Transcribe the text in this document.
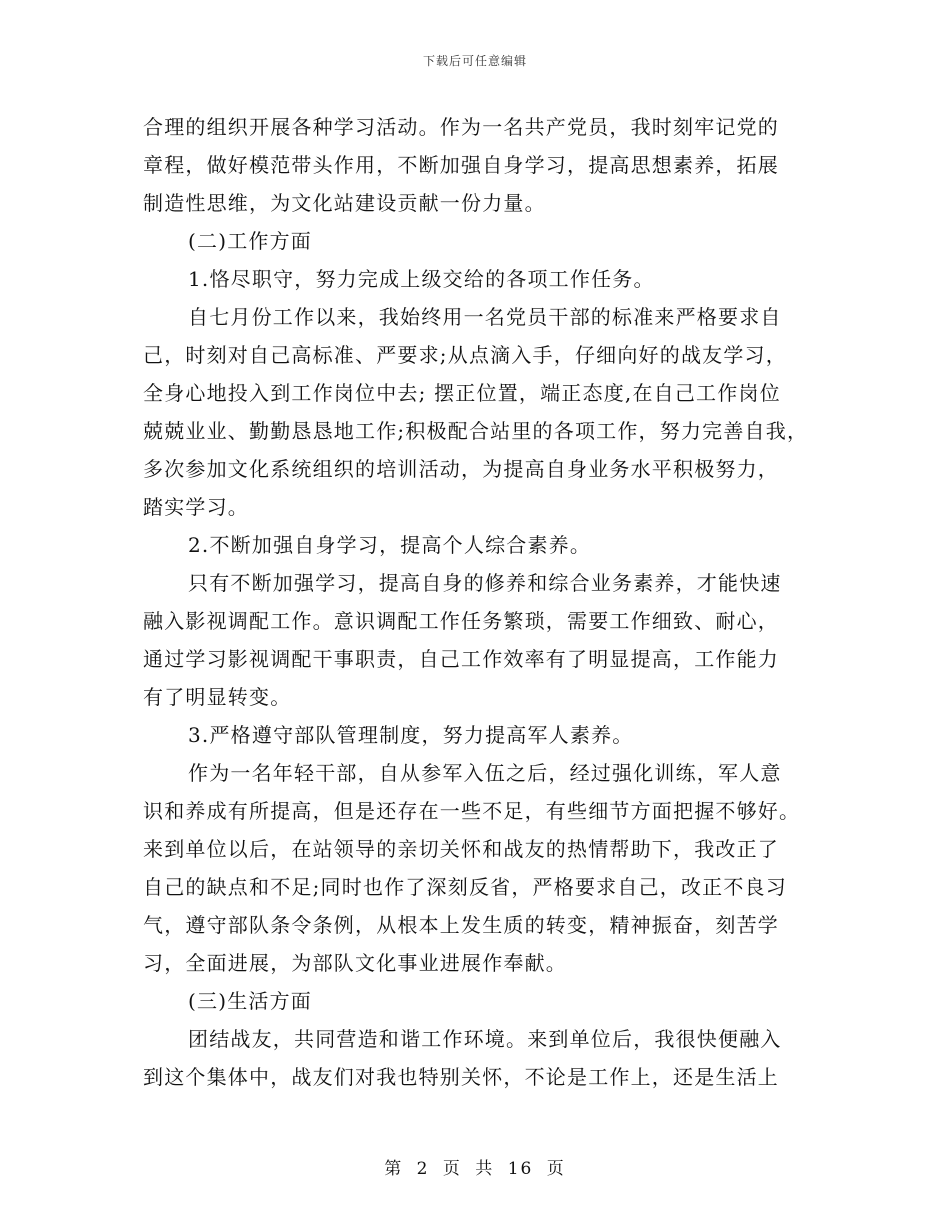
下载后可任意编辑
合理的组织开展各种学习活动。作为一名共产党员，我时刻牢记党的
章程，做好模范带头作用，不断加强自身学习，提高思想素养，拓展
制造性思维，为文化站建设贡献一份力量。
(二)工作方面
1.恪尽职守，努力完成上级交给的各项工作任务。
自七月份工作以来，我始终用一名党员干部的标准来严格要求自
己，时刻对自己高标准、严要求;从点滴入手，仔细向好的战友学习，
全身心地投入到工作岗位中去; 摆正位置，端正态度,在自己工作岗位
兢兢业业、勤勤恳恳地工作;积极配合站里的各项工作，努力完善自我，
多次参加文化系统组织的培训活动，为提高自身业务水平积极努力，
踏实学习。
2.不断加强自身学习，提高个人综合素养。
只有不断加强学习，提高自身的修养和综合业务素养，才能快速
融入影视调配工作。意识调配工作任务繁琐，需要工作细致、耐心，
通过学习影视调配干事职责，自己工作效率有了明显提高，工作能力
有了明显转变。
3.严格遵守部队管理制度，努力提高军人素养。
作为一名年轻干部，自从参军入伍之后，经过强化训练，军人意
识和养成有所提高，但是还存在一些不足，有些细节方面把握不够好。
来到单位以后，在站领导的亲切关怀和战友的热情帮助下，我改正了
自己的缺点和不足;同时也作了深刻反省，严格要求自己，改正不良习
气，遵守部队条令条例，从根本上发生质的转变，精神振奋，刻苦学
习，全面进展，为部队文化事业进展作奉献。
(三)生活方面
团结战友，共同营造和谐工作环境。来到单位后，我很快便融入
到这个集体中，战友们对我也特别关怀，不论是工作上，还是生活上
第 2 页 共 16 页
